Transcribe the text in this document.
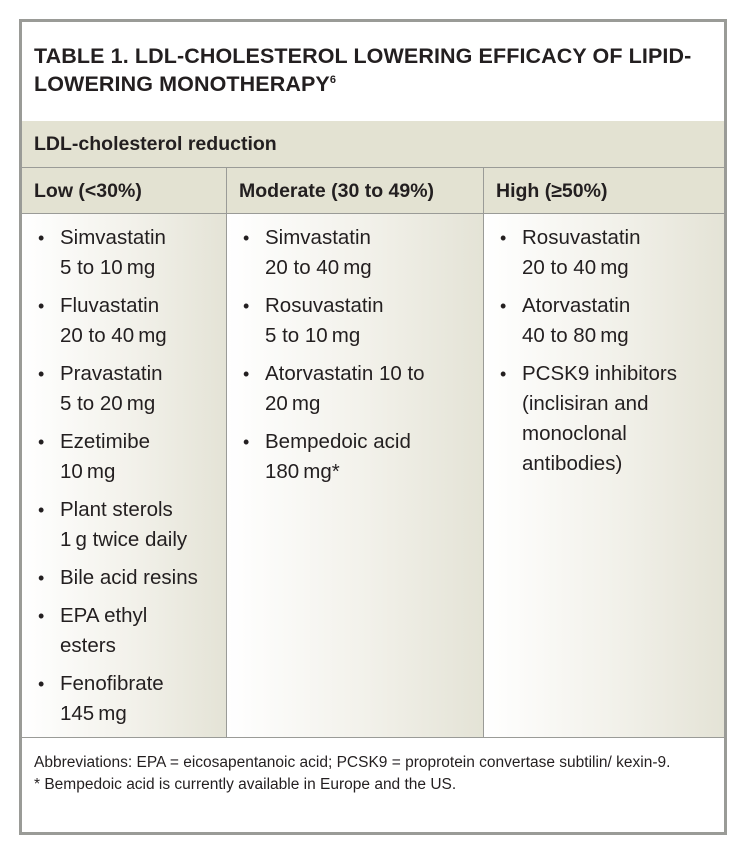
TABLE 1. LDL-CHOLESTEROL LOWERING EFFICACY OF LIPID-LOWERING MONOTHERAPY$^6$
LDL-cholesterol reduction
Low (<30%)	Moderate (30 to 49%)	High (≥50%)
• Simvastatin
5 to 10 mg
• Fluvastatin
20 to 40 mg
• Pravastatin
5 to 20 mg
• Ezetimibe
10 mg
• Plant sterols
1 g twice daily
• Bile acid resins
• EPA ethyl
esters
• Fenofibrate
145 mg
• Simvastatin
20 to 40 mg
• Rosuvastatin
5 to 10 mg
• Atorvastatin 10 to
20 mg
• Bempedoic acid
180 mg*
• Rosuvastatin
20 to 40 mg
• Atorvastatin
40 to 80 mg
• PCSK9 inhibitors
(inclisiran and
monoclonal
antibodies)

Abbreviations: EPA = eicosapentanoic acid; PCSK9 = proprotein convertase subtilin/ kexin-9.

* Bempedoic acid is currently available in Europe and the US.
